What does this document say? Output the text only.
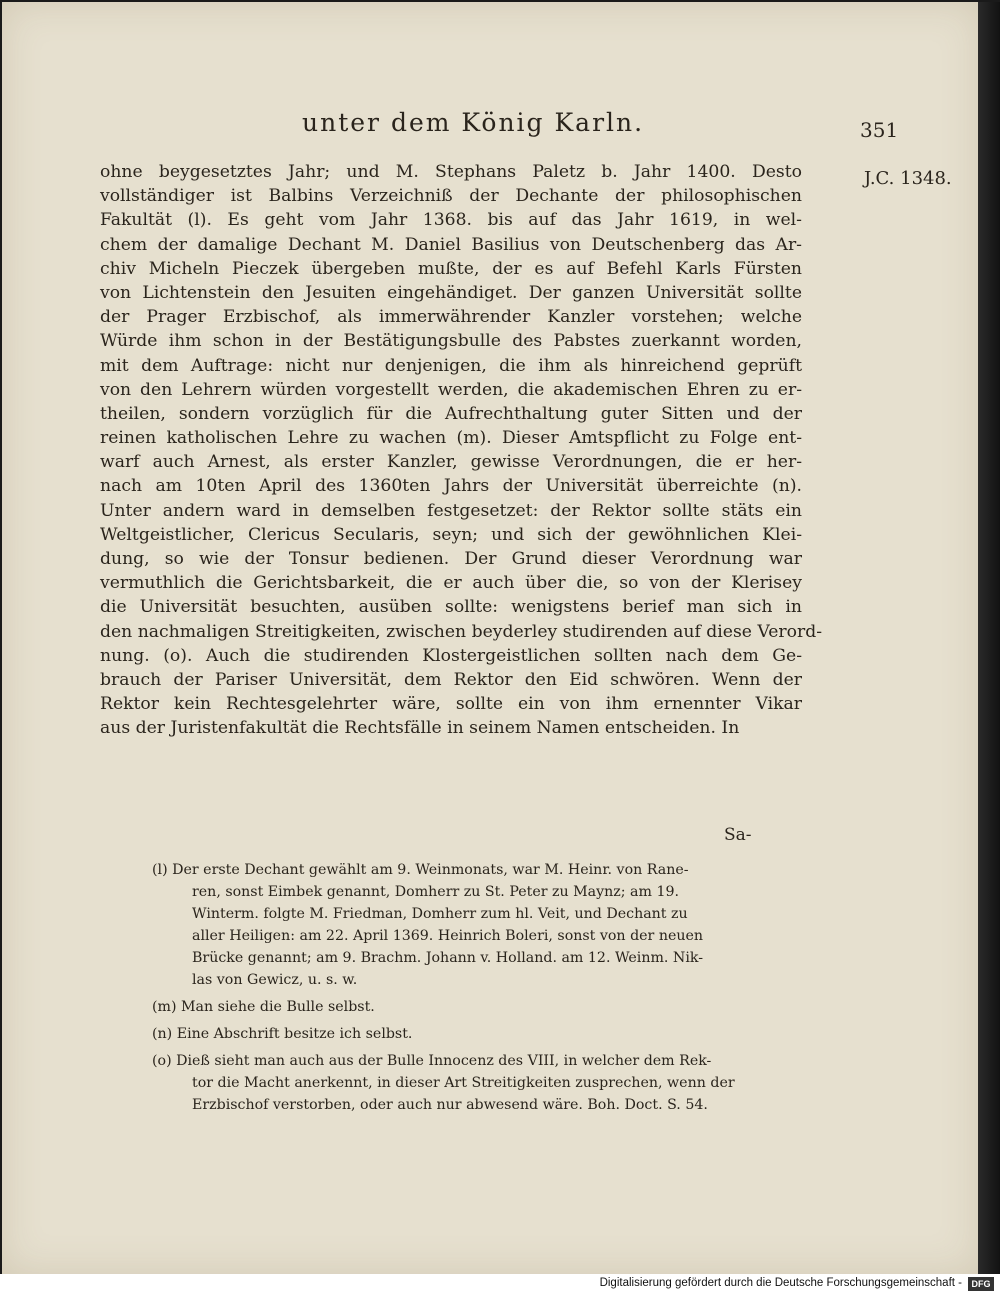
unter dem König Karln.	351
J.C. 1348.
ohne beygesetztes Jahr; und M. Stephans Paletz b. Jahr 1400. Desto
vollständiger ist Balbins Verzeichniß der Dechante der philosophischen
Fakultät (l). Es geht vom Jahr 1368. bis auf das Jahr 1619, in wel-
chem der damalige Dechant M. Daniel Basilius von Deutschenberg das Ar-
chiv Micheln Pieczek übergeben mußte, der es auf Befehl Karls Fürsten
von Lichtenstein den Jesuiten eingehändiget. Der ganzen Universität sollte
der Prager Erzbischof, als immerwährender Kanzler vorstehen; welche
Würde ihm schon in der Bestätigungsbulle des Pabstes zuerkannt worden,
mit dem Auftrage: nicht nur denjenigen, die ihm als hinreichend geprüft
von den Lehrern würden vorgestellt werden, die akademischen Ehren zu er-
theilen, sondern vorzüglich für die Aufrechthaltung guter Sitten und der
reinen katholischen Lehre zu wachen (m). Dieser Amtspflicht zu Folge ent-
warf auch Arnest, als erster Kanzler, gewisse Verordnungen, die er her-
nach am 10ten April des 1360ten Jahrs der Universität überreichte (n).
Unter andern ward in demselben festgesetzet: der Rektor sollte stäts ein
Weltgeistlicher, Clericus Secularis, seyn; und sich der gewöhnlichen Klei-
dung, so wie der Tonsur bedienen. Der Grund dieser Verordnung war
vermuthlich die Gerichtsbarkeit, die er auch über die, so von der Klerisey
die Universität besuchten, ausüben sollte: wenigstens berief man sich in
den nachmaligen Streitigkeiten, zwischen beyderley studirenden auf diese Verord-
nung. (o). Auch die studirenden Klostergeistlichen sollten nach dem Ge-
brauch der Pariser Universität, dem Rektor den Eid schwören. Wenn der
Rektor kein Rechtesgelehrter wäre, sollte ein von ihm ernennter Vikar
aus der Juristenfakultät die Rechtsfälle in seinem Namen entscheiden. In
Sa-
(l) Der erste Dechant gewählt am 9. Weinmonats, war M. Heinr. von Rane-
ren, sonst Eimbek genannt, Domherr zu St. Peter zu Maynz; am 19.
Winterm. folgte M. Friedman, Domherr zum hl. Veit, und Dechant zu
aller Heiligen: am 22. April 1369. Heinrich Boleri, sonst von der neuen
Brücke genannt; am 9. Brachm. Johann v. Holland. am 12. Weinm. Nik-
las von Gewicz, u. s. w.
(m) Man siehe die Bulle selbst.
(n) Eine Abschrift besitze ich selbst.
(o) Dieß sieht man auch aus der Bulle Innocenz des VIII, in welcher dem Rek-
tor die Macht anerkennt, in dieser Art Streitigkeiten zusprechen, wenn der
Erzbischof verstorben, oder auch nur abwesend wäre. Boh. Doct. S. 54.
Digitalisierung gefördert durch die Deutsche Forschungsgemeinschaft -	DFG
